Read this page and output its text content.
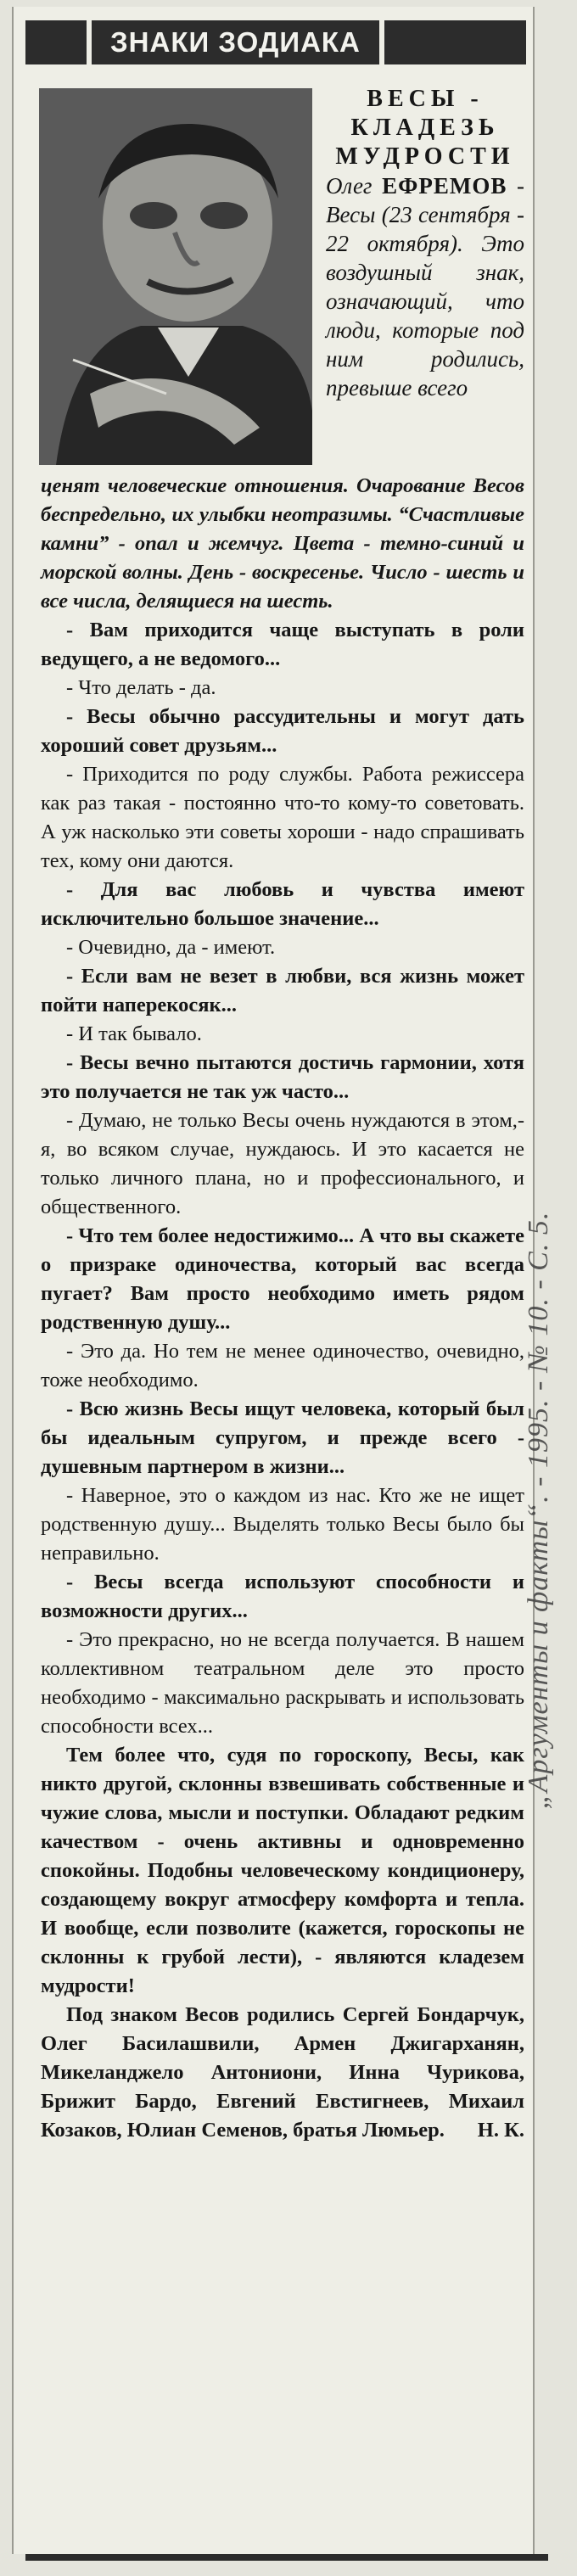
ЗНАКИ ЗОДИАКА

ВЕСЫ - КЛАДЕЗЬ МУДРОСТИ

Олег ЕФРЕМОВ - Весы (23 сентября - 22 октября). Это воздушный знак, означающий, что люди, которые под ним родились, превыше всего

ценят человеческие отношения. Очарование Весов беспредельно, их улыбки неотразимы. “Счастливые камни” - опал и жемчуг. Цвета - темно-синий и морской волны. День - воскресенье. Число - шесть и все числа, делящиеся на шесть.

- Вам приходится чаще выступать в роли ведущего, а не ведомого...

- Что делать - да.

- Весы обычно рассудительны и могут дать хороший совет друзьям...

- Приходится по роду службы. Работа режиссера как раз такая - постоянно что-то кому-то советовать. А уж насколько эти советы хороши - надо спрашивать тех, кому они даются.

- Для вас любовь и чувства имеют исключительно большое значение...

- Очевидно, да - имеют.

- Если вам не везет в любви, вся жизнь может пойти наперекосяк...

- И так бывало.

- Весы вечно пытаются достичь гармонии, хотя это получается не так уж часто...

- Думаю, не только Весы очень нуждаются в этом,- я, во всяком случае, нуждаюсь. И это касается не только личного плана, но и профессионального, и общественного.

- Что тем более недостижимо... А что вы скажете о призраке одиночества, который вас всегда пугает? Вам просто необходимо иметь рядом родственную душу...

- Это да. Но тем не менее одиночество, очевидно, тоже необходимо.

- Всю жизнь Весы ищут человека, который был бы идеальным супругом, и прежде всего - душевным партнером в жизни...

- Наверное, это о каждом из нас. Кто же не ищет родственную душу... Выделять только Весы было бы неправильно.

- Весы всегда используют способности и возможности других...

- Это прекрасно, но не всегда получается. В нашем коллективном театральном деле это просто необходимо - максимально раскрывать и использовать способности всех...

Тем более что, судя по гороскопу, Весы, как никто другой, склонны взвешивать собственные и чужие слова, мысли и поступки. Обладают редким качеством - очень активны и одновременно спокойны. Подобны человеческому кондиционеру, создающему вокруг атмосферу комфорта и тепла. И вообще, если позволите (кажется, гороскопы не склонны к грубой лести), - являются кладезем мудрости!

Под знаком Весов родились Сергей Бондарчук, Олег Басилашвили, Армен Джигарханян, Микеланджело Антониони, Инна Чурикова, Брижит Бардо, Евгений Евстигнеев, Михаил Козаков, Юлиан Семенов, братья Люмьер.	Н. К.

„Аргументы и факты“. - 1995. - № 10. - С. 5.
